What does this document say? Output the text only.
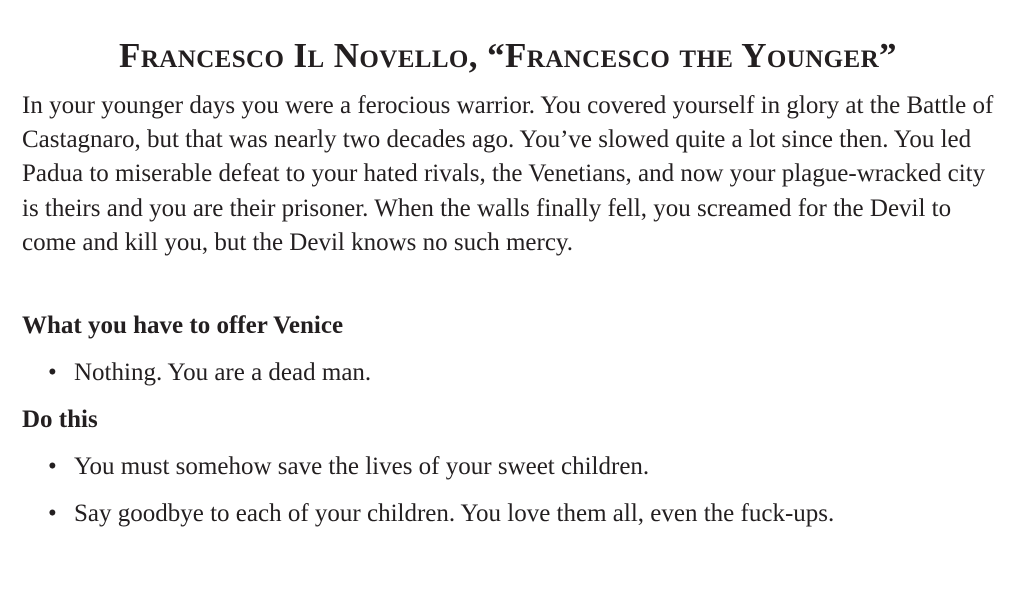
Francesco Il Novello, “Francesco the Younger”

In your younger days you were a ferocious warrior. You covered yourself in glory at the Battle of Castagnaro, but that was nearly two decades ago. You’ve slowed quite a lot since then. You led Padua to miserable defeat to your hated rivals, the Venetians, and now your plague-wracked city is theirs and you are their prisoner. When the walls finally fell, you screamed for the Devil to come and kill you, but the Devil knows no such mercy.

What you have to offer Venice
• Nothing. You are a dead man.
Do this
• You must somehow save the lives of your sweet children.
• Say goodbye to each of your children. You love them all, even the fuck-ups.
